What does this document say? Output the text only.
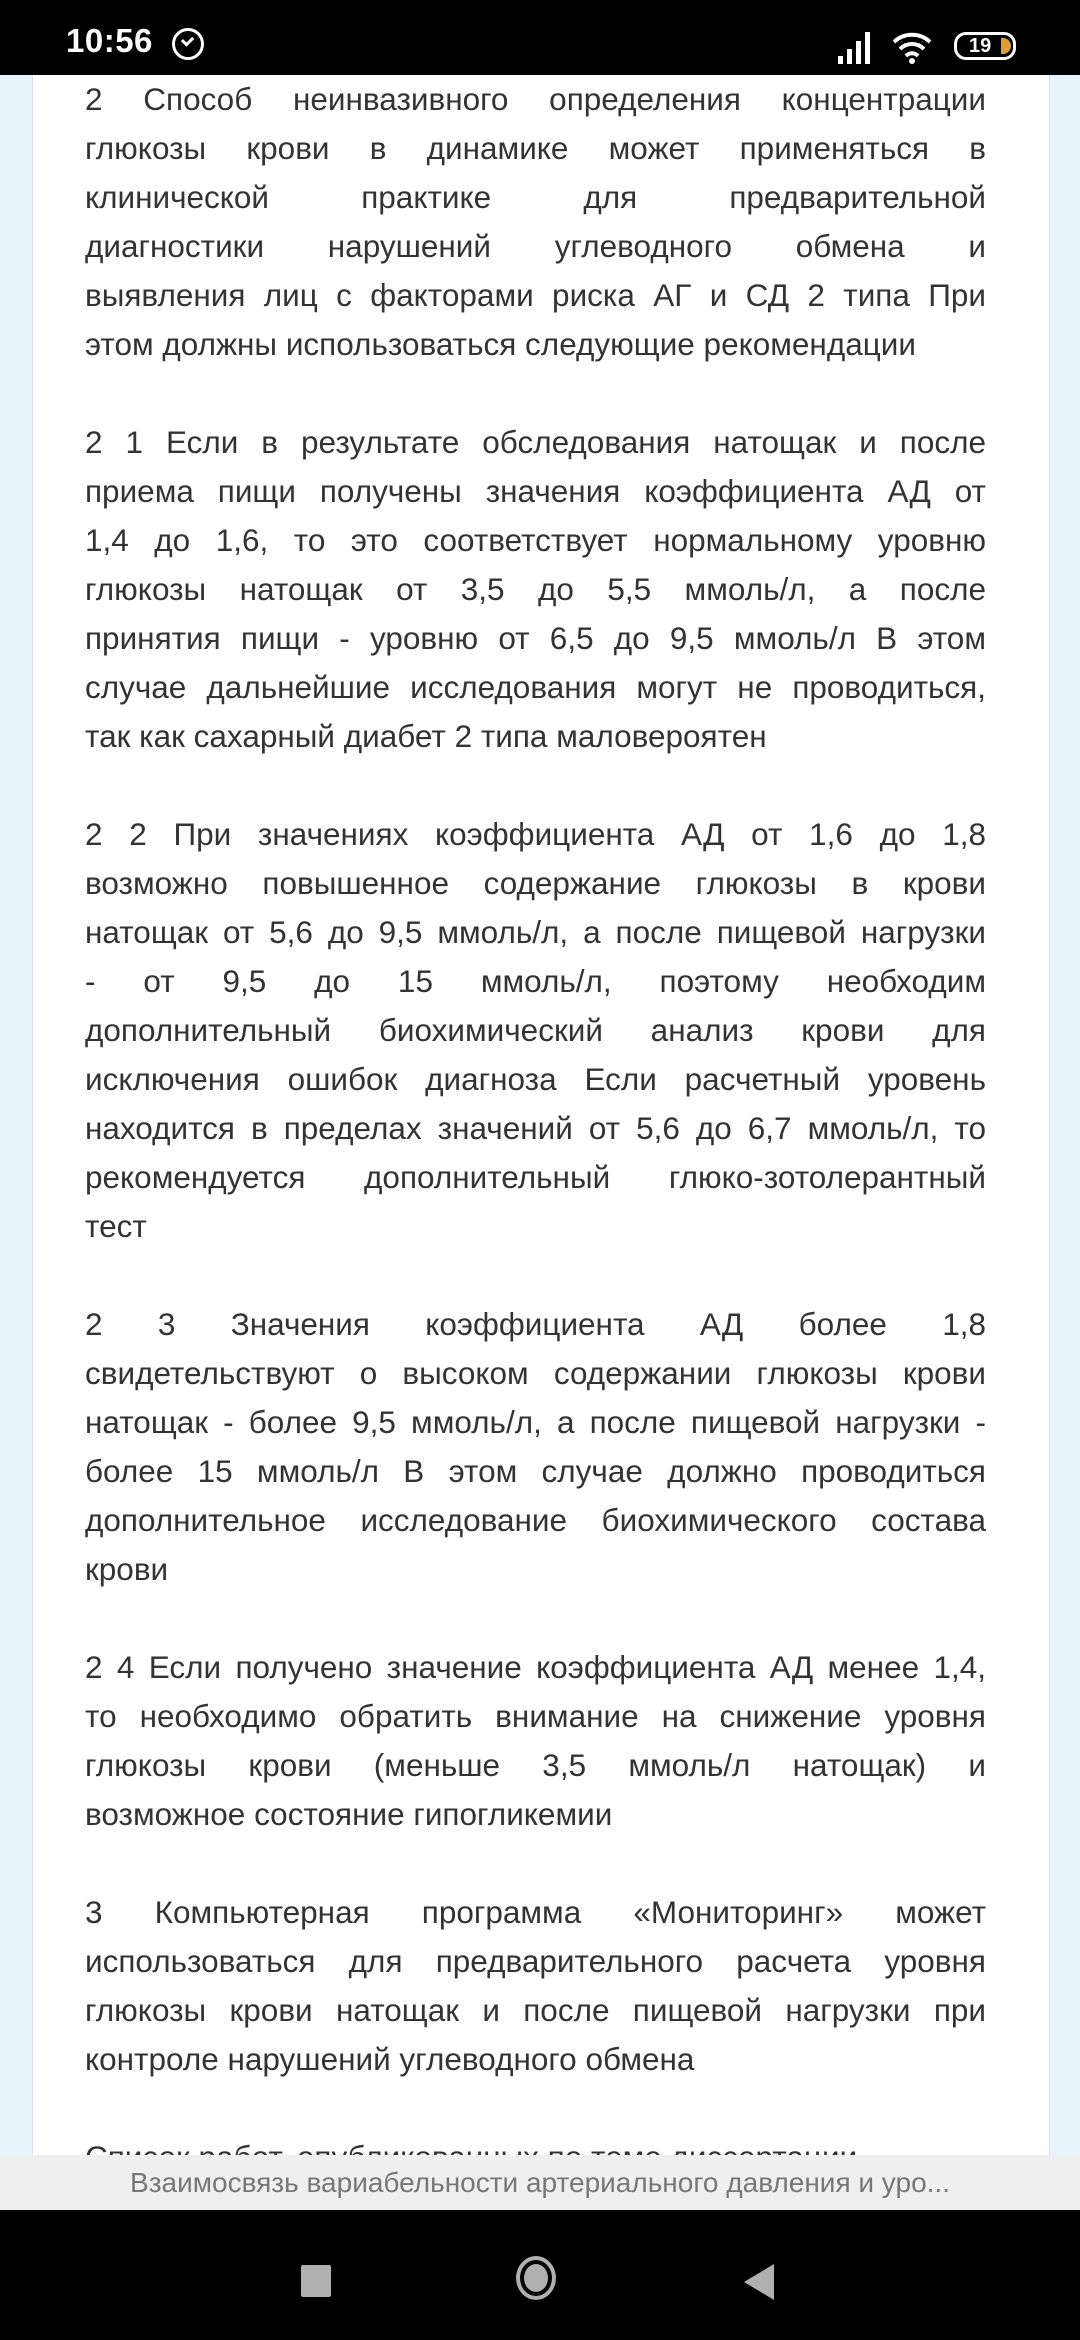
10:56	19
2 Способ неинвазивного определения концентрации
глюкозы крови в динамике может применяться в
клинической практике для предварительной
диагностики нарушений углеводного обмена и
выявления лиц с факторами риска АГ и СД 2 типа При
этом должны использоваться следующие рекомендации
2 1 Если в результате обследования натощак и после
приема пищи получены значения коэффициента АД от
1,4 до 1,6, то это соответствует нормальному уровню
глюкозы натощак от 3,5 до 5,5 ммоль/л, а после
принятия пищи - уровню от 6,5 до 9,5 ммоль/л В этом
случае дальнейшие исследования могут не проводиться,
так как сахарный диабет 2 типа маловероятен
2 2 При значениях коэффициента АД от 1,6 до 1,8
возможно повышенное содержание глюкозы в крови
натощак от 5,6 до 9,5 ммоль/л, а после пищевой нагрузки
- от 9,5 до 15 ммоль/л, поэтому необходим
дополнительный биохимический анализ крови для
исключения ошибок диагноза Если расчетный уровень
находится в пределах значений от 5,6 до 6,7 ммоль/л, то
рекомендуется дополнительный глюко-зотолерантный
тест
2 3 Значения коэффициента АД более 1,8
свидетельствуют о высоком содержании глюкозы крови
натощак - более 9,5 ммоль/л, а после пищевой нагрузки -
более 15 ммоль/л В этом случае должно проводиться
дополнительное исследование биохимического состава
крови
2 4 Если получено значение коэффициента АД менее 1,4,
то необходимо обратить внимание на снижение уровня
глюкозы крови (меньше 3,5 ммоль/л натощак) и
возможное состояние гипогликемии
3 Компьютерная программа «Мониторинг» может
использоваться для предварительного расчета уровня
глюкозы крови натощак и после пищевой нагрузки при
контроле нарушений углеводного обмена
Взаимосвязь вариабельности артериального давления и уро...
